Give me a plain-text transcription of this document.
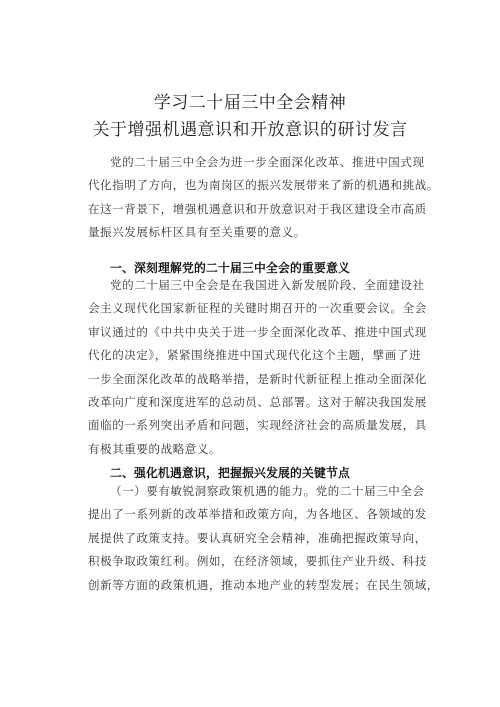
学习二十届三中全会精神
关于增强机遇意识和开放意识的研讨发言
党的二十届三中全会为进一步全面深化改革、推进中国式现
代化指明了方向，也为南岗区的振兴发展带来了新的机遇和挑战。
在这一背景下，增强机遇意识和开放意识对于我区建设全市高质
量振兴发展标杆区具有至关重要的意义。
一、深刻理解党的二十届三中全会的重要意义
党的二十届三中全会是在我国进入新发展阶段、全面建设社
会主义现代化国家新征程的关键时期召开的一次重要会议。全会
审议通过的《中共中央关于进一步全面深化改革、推进中国式现
代化的决定》，紧紧围绕推进中国式现代化这个主题，擘画了进
一步全面深化改革的战略举措，是新时代新征程上推动全面深化
改革向广度和深度进军的总动员、总部署。这对于解决我国发展
面临的一系列突出矛盾和问题，实现经济社会的高质量发展，具
有极其重要的战略意义。
二、强化机遇意识，把握振兴发展的关键节点
（一）要有敏锐洞察政策机遇的能力。党的二十届三中全会
提出了一系列新的改革举措和政策方向，为各地区、各领域的发
展提供了政策支持。要认真研究全会精神，准确把握政策导向，
积极争取政策红利。例如，在经济领域，要抓住产业升级、科技
创新等方面的政策机遇，推动本地产业的转型发展；在民生领域，
